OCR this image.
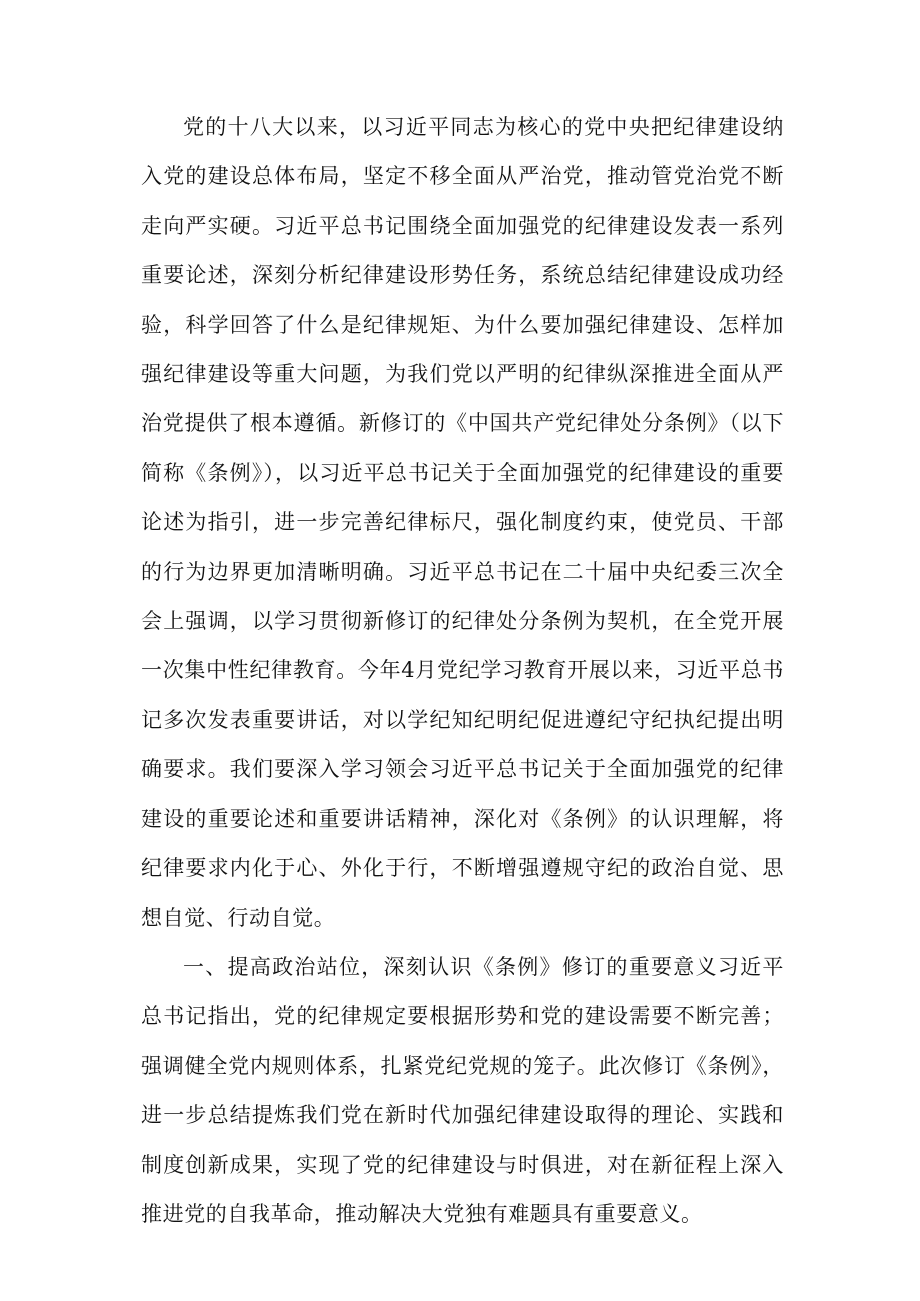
党的十八大以来，以习近平同志为核心的党中央把纪律建设纳入党的建设总体布局，坚定不移全面从严治党，推动管党治党不断走向严实硬。习近平总书记围绕全面加强党的纪律建设发表一系列重要论述，深刻分析纪律建设形势任务，系统总结纪律建设成功经验，科学回答了什么是纪律规矩、为什么要加强纪律建设、怎样加强纪律建设等重大问题，为我们党以严明的纪律纵深推进全面从严治党提供了根本遵循。新修订的《中国共产党纪律处分条例》（以下简称《条例》），以习近平总书记关于全面加强党的纪律建设的重要论述为指引，进一步完善纪律标尺，强化制度约束，使党员、干部的行为边界更加清晰明确。习近平总书记在二十届中央纪委三次全会上强调，以学习贯彻新修订的纪律处分条例为契机，在全党开展一次集中性纪律教育。今年4月党纪学习教育开展以来，习近平总书记多次发表重要讲话，对以学纪知纪明纪促进遵纪守纪执纪提出明确要求。我们要深入学习领会习近平总书记关于全面加强党的纪律建设的重要论述和重要讲话精神，深化对《条例》的认识理解，将纪律要求内化于心、外化于行，不断增强遵规守纪的政治自觉、思想自觉、行动自觉。

一、提高政治站位，深刻认识《条例》修订的重要意义习近平总书记指出，党的纪律规定要根据形势和党的建设需要不断完善；强调健全党内规则体系，扎紧党纪党规的笼子。此次修订《条例》，进一步总结提炼我们党在新时代加强纪律建设取得的理论、实践和制度创新成果，实现了党的纪律建设与时俱进，对在新征程上深入推进党的自我革命，推动解决大党独有难题具有重要意义。
